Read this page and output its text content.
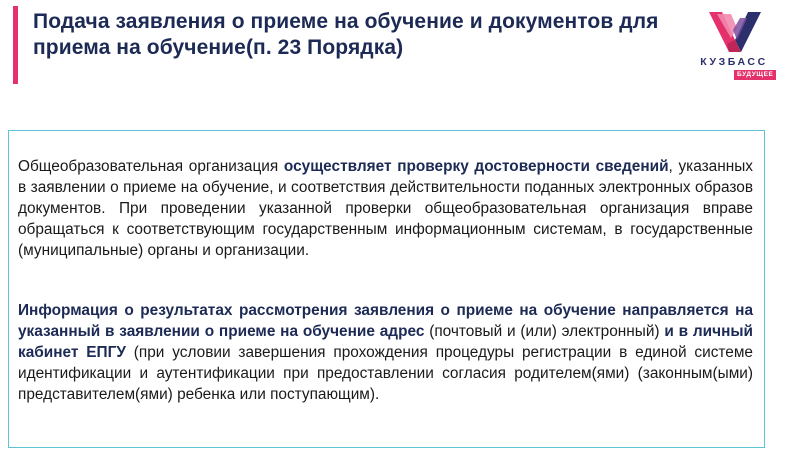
Подача заявления о приеме на обучение и документов для приема на обучение(п. 23 Порядка)
КУЗБАСС
БУДУЩЕЕ

Общеобразовательная организация осуществляет проверку достоверности сведений, указанных в заявлении о приеме на обучение, и соответствия действительности поданных электронных образов документов. При проведении указанной проверки общеобразовательная организация вправе обращаться к соответствующим государственным информационным системам, в государственные (муниципальные) органы и организации.

Информация о результатах рассмотрения заявления о приеме на обучение направляется на указанный в заявлении о приеме на обучение адрес (почтовый и (или) электронный) и в личный кабинет ЕПГУ (при условии завершения прохождения процедуры регистрации в единой системе идентификации и аутентификации при предоставлении согласия родителем(ями) (законным(ыми) представителем(ями) ребенка или поступающим).
